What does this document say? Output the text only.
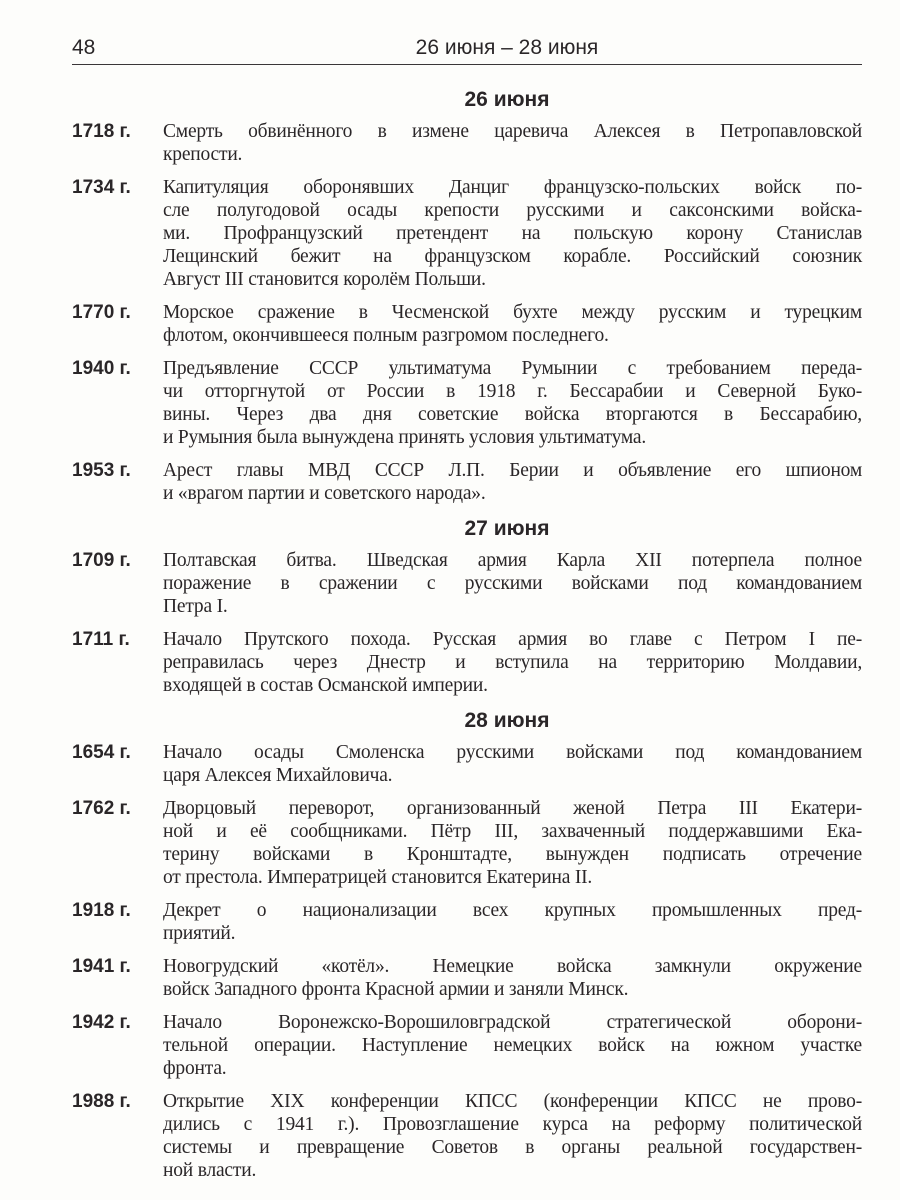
48	26 июня – 28 июня
26 июня
1718 г.	Смерть обвинённого в измене царевича Алексея в Петропавловской
крепости.
1734 г.	Капитуляция оборонявших Данциг французско-польских войск по-
сле полугодовой осады крепости русскими и саксонскими войска-
ми. Профранцузский претендент на польскую корону Станислав
Лещинский бежит на французском корабле. Российский союзник
Август III становится королём Польши.
1770 г.	Морское сражение в Чесменской бухте между русским и турецким
флотом, окончившееся полным разгромом последнего.
1940 г.	Предъявление СССР ультиматума Румынии с требованием переда-
чи отторгнутой от России в 1918 г. Бессарабии и Северной Буко-
вины. Через два дня советские войска вторгаются в Бессарабию,
и Румыния была вынуждена принять условия ультиматума.
1953 г.	Арест главы МВД СССР Л.П. Берии и объявление его шпионом
и «врагом партии и советского народа».
27 июня
1709 г.	Полтавская битва. Шведская армия Карла XII потерпела полное
поражение в сражении с русскими войсками под командованием
Петра I.
1711 г.	Начало Прутского похода. Русская армия во главе с Петром I пе-
реправилась через Днестр и вступила на территорию Молдавии,
входящей в состав Османской империи.
28 июня
1654 г.	Начало осады Смоленска русскими войсками под командованием
царя Алексея Михайловича.
1762 г.	Дворцовый переворот, организованный женой Петра III Екатери-
ной и её сообщниками. Пётр III, захваченный поддержавшими Ека-
терину войсками в Кронштадте, вынужден подписать отречение
от престола. Императрицей становится Екатерина II.
1918 г.	Декрет о национализации всех крупных промышленных пред-
приятий.
1941 г.	Новогрудский «котёл». Немецкие войска замкнули окружение
войск Западного фронта Красной армии и заняли Минск.
1942 г.	Начало Воронежско-Ворошиловградской стратегической оборони-
тельной операции. Наступление немецких войск на южном участке
фронта.
1988 г.	Открытие XIX конференции КПСС (конференции КПСС не прово-
дились с 1941 г.). Провозглашение курса на реформу политической
системы и превращение Советов в органы реальной государствен-
ной власти.
